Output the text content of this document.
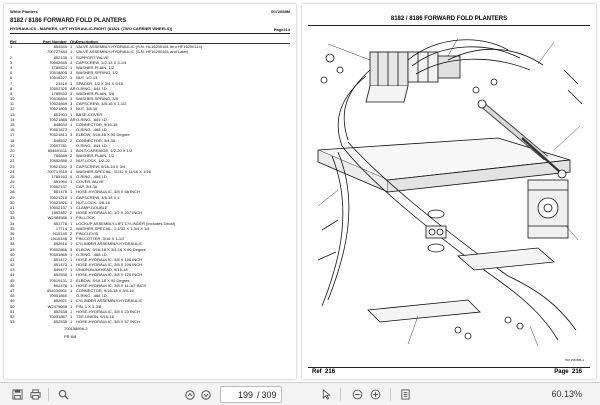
White Planters	0072058M
8182 / 8186 FORWARD FOLD PLANTERS
HYDRAULICS - MARKER, LIFT HYDRAULIC-RIGHT (8182L (TWO CARRIER WHEELS))	Page214
Ref	Part Number Qty Description
1	854540 1 VALVE ASSEMBLY-HYDRAULIC (S.N. HL16200161 thru HF16200114)
700727484 1 VALVE ASSEMBLY-HYDRAULIC (S.N. HF16200161 and Later)
2	852135 1 SUPPORT-VALVE
3	70502645 4 CAPSCREW, 1/2-13 X 3-1/4
4	1785524 1 WASHER-PLAIN, 1/2
5	70518805 3 WASHER-SPRING, 1/2
6	70516227 1 NUT, 1/2-13
7	23419 1 SPACER, 1/2 X 3/4 X 9/16
8	70502325 AR O-RING, .644 I.D.
9	1785533 3 WASHER-PLAIN, 3/8
10	70516894 3 WASHER-SPRING, 3/8
11	70524869 3 CAPSCREW, 3/8-16 X 1-1/2
12	70521805 3 NUT, 3/8-16
13	851903 1 BASE-COVER
14	70521885 AR O-RING, .644 I.D.
15	848634 1 CONNECTOR, 9/16-18
16	70501873	O-RING, .468 I.D.
17	70521813 3 ELBOW, 9/16-18 X 90 Degree
18	848537 2 CONNECTOR, 3/4-16
19	70507781	O-RING, .644 I.D.
20	854691111 1 BOLT-CARRIAGE, 1/2-20 X 1/2
21	785689 2 WASHER-PLAIN, 1/2
22	70502858 2 NUT-LOCK, 1/2-20
23	70521332 3 CAPSCREW, 5/16-18 X 3/4
24	700717619 4 WASHER-SPECIAL, 11/32 X 11/16 X 1/16
25	1785163 4 O-RING, .468 I.D.
26	851994 1 COVER-VALVE
27	70502137	CAP, 3/4-16
28	851478 1 HOSE-HYDRAULIC, 3/8 X 68 INCH
29	70521218 1 CAPSCREW, 3/8-16 X 1
30	70521821 1 NUT-LOCK, 3/8-16
31	70502137 1 CLAMP-DOUBLE
32	1852487 2 HOSE-HYDRAULIC, 1/2 X 207 INCH
33	W2484588 1 PIN-LOCK
34	851778 1 LOCKUP ASSEMBLY-LIFT CYLINDER (Includes Decal)
35	17714 2 WASHER-SPECIAL, 1-1/32 X 1-3/4 X 1/4
36	N15145 2 PIN-CLEVIS
37	1N15148 2 PIN-COTTER, 3/16 X 1-1/2
38	852616 1 CYLINDER ASSEMBLY-HYDRAULIC
39	70502866 3 ELBOW, 9/16-18 X 3/4-16 X 90 Degree
40	70501865 1 O-RING, .468 I.D.
41	851472 1 HOSE-HYDRAULIC, 3/8 X 106 INCH
42	851473 1 HOSE-HYDRAULIC, 3/8 X 106 INCH
43	849477 1 UNION-BULKHEAD, 9/16-18
44	852538 1 HOSE-HYDRAULIC, 3/8 X 120 INCH
45	70519131 2 ELBOW, 9/16-18 X 90 Degree
46	852478 1 HOSE-HYDRAULIC, 3/8 X 11-1/2 INCH
47	854030501 1 CONNECTOR, 9/16-18 X 3/4-16
48	70501865	O-RING, .468 I.D.
49	852621 1 CYLINDER ASSEMBLY-HYDRAULIC
50	W2479698 1 PIN, 1 X 3-3/8
51	852538 1 HOSE-HYDRAULIC, 3/8 X 23 INCH
52	70501867 1 TEE-UNION, 9/16-18
53	852535 1 HOSE-HYDRAULIC, 3/8 X 67 INCH
700158806-2
PR 8/8
8182 / 8186 FORWARD FOLD PLANTERS
700 158 805-1
Ref 216	Page 216
199
/ 309	60.13%
